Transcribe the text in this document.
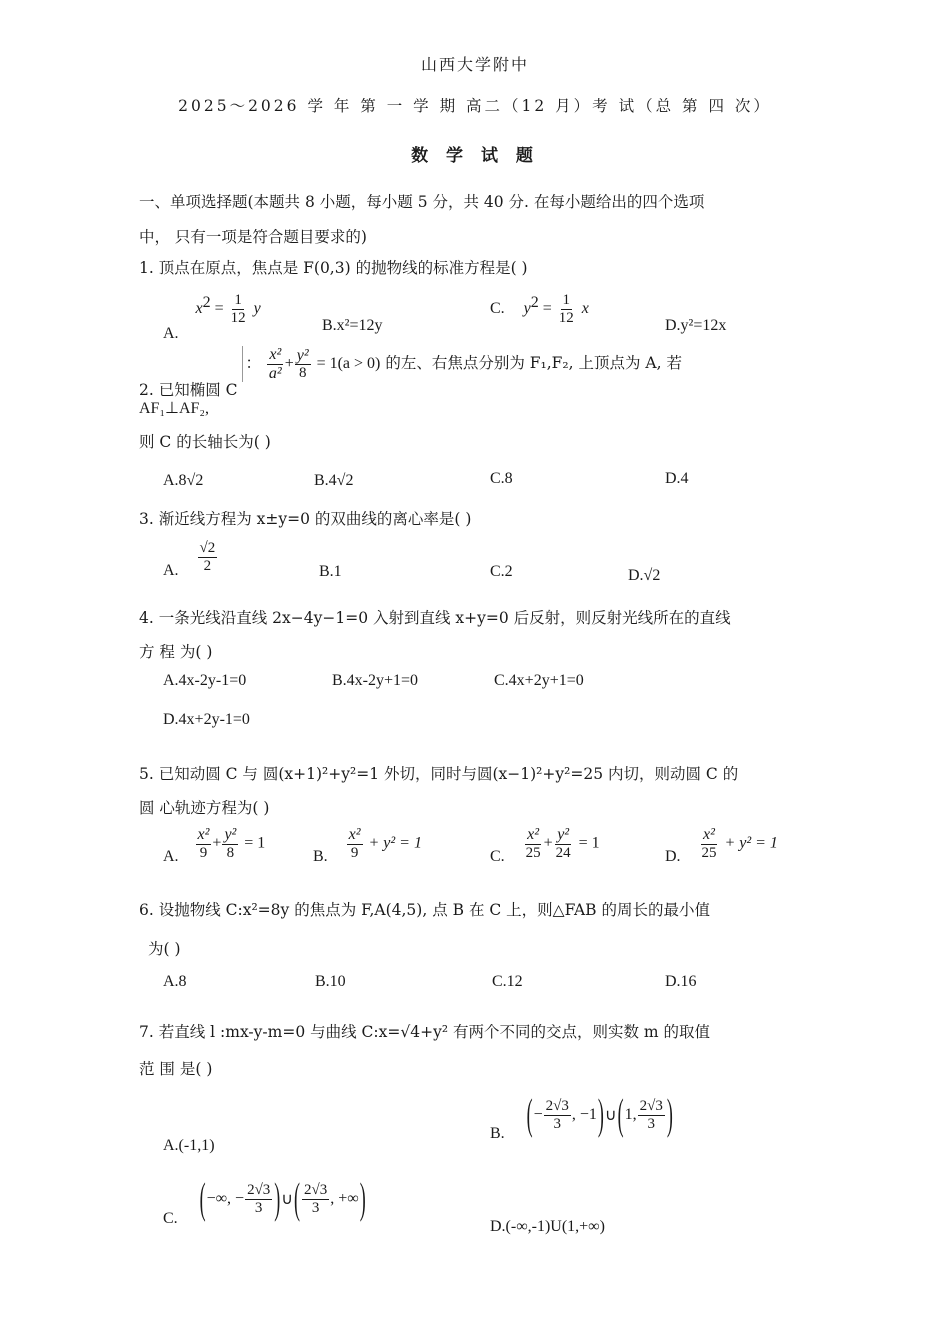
山西大学附中
2025～2026 学 年 第 一 学 期 高二（12 月）考 试（总 第 四 次）
数 学 试 题
一、单项选择题(本题共 8 小题，每小题 5 分，共 40 分. 在每小题给出的四个选项
中， 只有一项是符合题目要求的)
1. 顶点在原点，焦点是 F(0,3) 的抛物线的标准方程是( )
A. $x^2 = \frac{1}{12}$ y
B.x²=12y
C. $y^2 = \frac{1}{12}$ x
D.y²=12x
2. 已知椭圆 C ： $\frac{\text{x²}}{\text{a²}} + \frac{\text{y²}}{8} = 1(a > 0)$ 的左、右焦点分别为 F₁,F₂, 上顶点为 A, 若
AF₁⊥AF₂,
则 C 的长轴长为( )
A.8√2	B.4√2	C.8	D.4
3. 渐近线方程为 x±y=0 的双曲线的离心率是( )
A. $\frac{√2}{2}$	B.1	C.2	D.√2
4. 一条光线沿直线 2x−4y−1=0 入射到直线 x+y=0 后反射，则反射光线所在的直线
方 程 为( )
A.4x-2y-1=0	B.4x-2y+1=0	C.4x+2y+1=0
D.4x+2y-1=0
5. 已知动圆 C 与 圆(x+1)²+y²=1 外切，同时与圆(x−1)²+y²=25 内切，则动圆 C 的
圆 心轨迹方程为( )
A. $\frac{\text{x²}}{9} + \frac{\text{y²}}{8} = 1$
B. $\frac{\text{x²}}{9} + y^2 = 1$
C. $\frac{\text{x²}}{25} + \frac{\text{y²}}{24} = 1$
D. $\frac{\text{x²}}{25} + y^2 = 1$
6. 设抛物线 C:x²=8y 的焦点为 F,A(4,5), 点 B 在 C 上，则△FAB 的周长的最小值
为( )
A.8	B.10	C.12	D.16
7. 若直线 l :mx-y-m=0 与曲线 C:x=√4+y² 有两个不同的交点，则实数 m 的取值
范 围 是( )
A.(-1,1)
B. ( − $\frac{2√3}{3}$ , −1 ) ∪ ( 1, $\frac{2√3}{3}$ )
C. ( −∞, − $\frac{2√3}{3}$ ) ∪ ( $\frac{2√3}{3}$ , +∞ )
D.(-∞,-1)U(1,+∞)
